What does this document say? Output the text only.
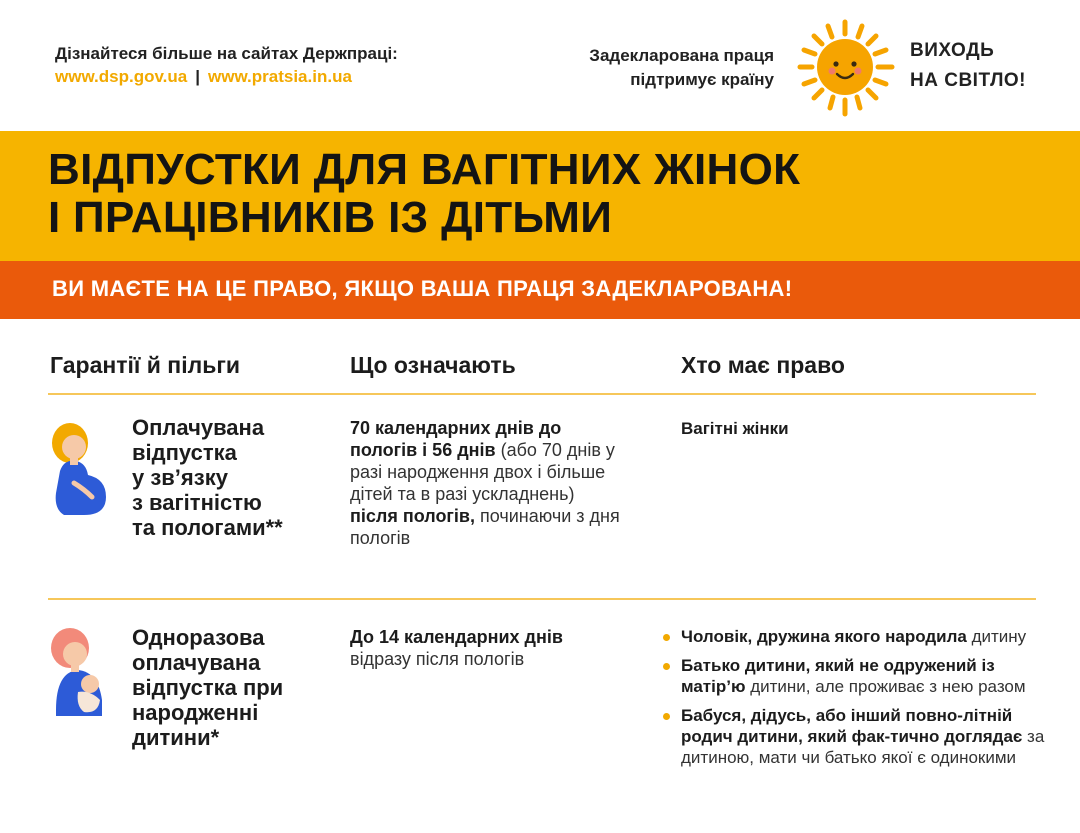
Дізнайтеся більше на сайтах Держпраці:
www.dsp.gov.ua | www.pratsia.in.ua
Задекларована праця
підтримує країну
ВИХОДЬ
НА СВІТЛО!
ВІДПУСТКИ ДЛЯ ВАГІТНИХ ЖІНОК
І ПРАЦІВНИКІВ ІЗ ДІТЬМИ
ВИ МАЄТЕ НА ЦЕ ПРАВО, ЯКЩО ВАША ПРАЦЯ ЗАДЕКЛАРОВАНА!
Гарантії й пільги	Що означають	Хто має право
Оплачувана
відпустка
у зв’язку
з вагітністю
та пологами**
70 календарних днів до пологів і 56 днів (або 70 днів у разі народження двох і більше дітей та в разі ускладнень) після пологів, починаючи з дня пологів
Вагітні жінки
Одноразова
оплачувана
відпустка при
народженні
дитини*
До 14 календарних днів відразу після пологів
Чоловік, дружина якого народила дитину
Батько дитини, який не одружений із матір’ю дитини, але проживає з нею разом
Бабуся, дідусь, або інший повно-літній родич дитини, який фак-тично доглядає за дитиною, мати чи батько якої є одинокими
